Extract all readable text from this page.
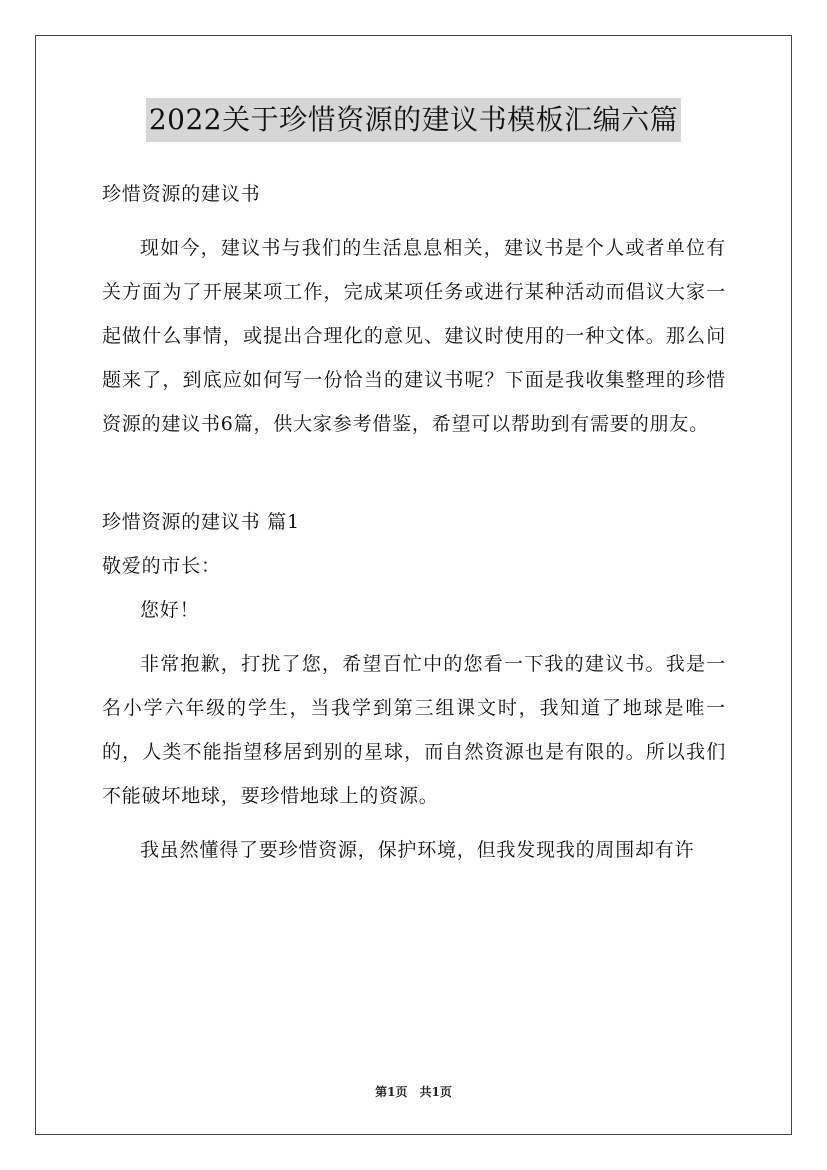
2022关于珍惜资源的建议书模板汇编六篇

珍惜资源的建议书

现如今，建议书与我们的生活息息相关，建议书是个人或者单位有关方面为了开展某项工作，完成某项任务或进行某种活动而倡议大家一起做什么事情，或提出合理化的意见、建议时使用的一种文体。那么问题来了，到底应如何写一份恰当的建议书呢？下面是我收集整理的珍惜资源的建议书6篇，供大家参考借鉴，希望可以帮助到有需要的朋友。

珍惜资源的建议书 篇1

敬爱的市长：

您好！

非常抱歉，打扰了您，希望百忙中的您看一下我的建议书。我是一名小学六年级的学生，当我学到第三组课文时，我知道了地球是唯一的，人类不能指望移居到别的星球，而自然资源也是有限的。所以我们不能破坏地球，要珍惜地球上的资源。

我虽然懂得了要珍惜资源，保护环境，但我发现我的周围却有许

第1页　共1页
